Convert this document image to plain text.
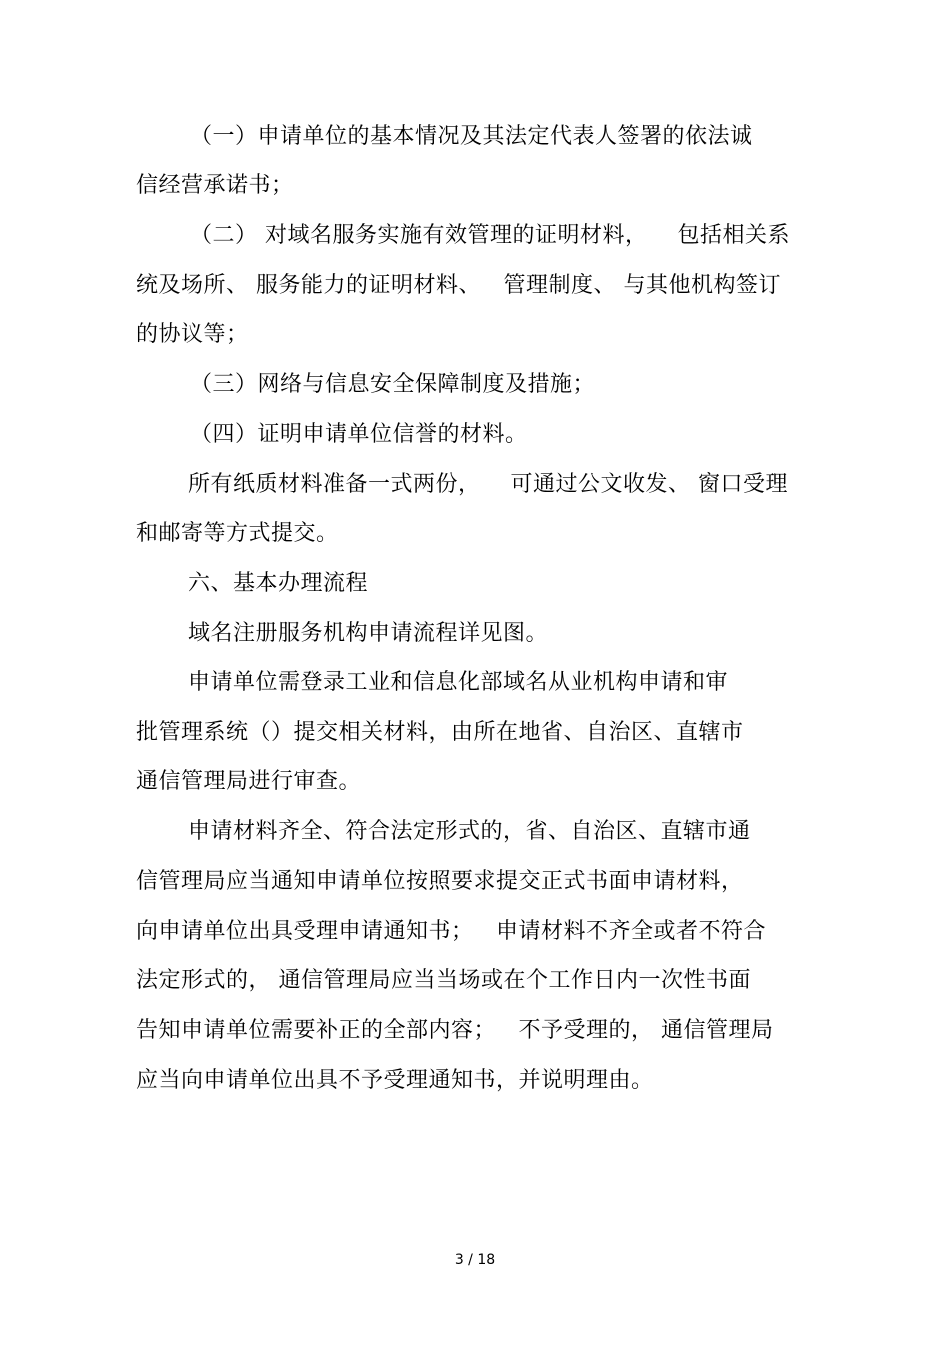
（一）申请单位的基本情况及其法定代表人签署的依法诚
信经营承诺书；
（二） 对域名服务实施有效管理的证明材料，    包括相关系
统及场所、 服务能力的证明材料、   管理制度、 与其他机构签订
的协议等；
（三）网络与信息安全保障制度及措施；
（四）证明申请单位信誉的材料。
所有纸质材料准备一式两份，    可通过公文收发、 窗口受理
和邮寄等方式提交。
六、基本办理流程
域名注册服务机构申请流程详见图。
申请单位需登录工业和信息化部域名从业机构申请和审
批管理系统（）提交相关材料，由所在地省、自治区、直辖市
通信管理局进行审查。
申请材料齐全、符合法定形式的，省、自治区、直辖市通
信管理局应当通知申请单位按照要求提交正式书面申请材料，
向申请单位出具受理申请通知书；   申请材料不齐全或者不符合
法定形式的， 通信管理局应当当场或在个工作日内一次性书面
告知申请单位需要补正的全部内容；   不予受理的， 通信管理局
应当向申请单位出具不予受理通知书，并说明理由。
3 / 18
